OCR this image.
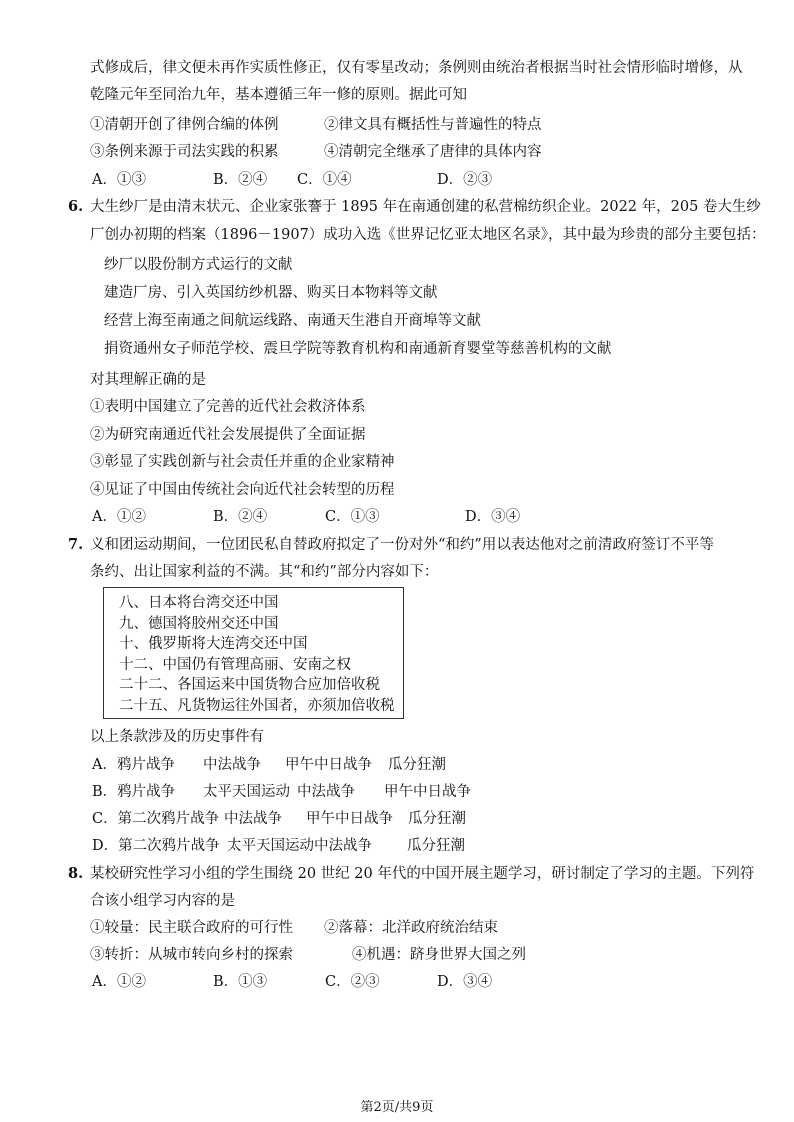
式修成后，律文便未再作实质性修正，仅有零星改动；条例则由统治者根据当时社会情形临时增修，从
乾隆元年至同治九年，基本遵循三年一修的原则。据此可知
①清朝开创了律例合编的体例	②律文具有概括性与普遍性的特点
③条例来源于司法实践的积累	④清朝完全继承了唐律的具体内容
A．①③	B．②④ C．①④	D．②③
6. 大生纱厂是由清末状元、企业家张謇于 1895 年在南通创建的私营棉纺织企业。2022 年，205 卷大生纱
厂创办初期的档案（1896－1907）成功入选《世界记忆亚太地区名录》，其中最为珍贵的部分主要包括：
纱厂以股份制方式运行的文献
建造厂房、引入英国纺纱机器、购买日本物料等文献
经营上海至南通之间航运线路、南通天生港自开商埠等文献
捐资通州女子师范学校、震旦学院等教育机构和南通新育婴堂等慈善机构的文献
对其理解正确的是
①表明中国建立了完善的近代社会救济体系
②为研究南通近代社会发展提供了全面证据
③彰显了实践创新与社会责任并重的企业家精神
④见证了中国由传统社会向近代社会转型的历程
A．①②	B．②④	C．①③	D．③④
7. 义和团运动期间，一位团民私自替政府拟定了一份对外“和约”用以表达他对之前清政府签订不平等
条约、出让国家利益的不满。其“和约”部分内容如下：
八、日本将台湾交还中国
九、德国将胶州交还中国
十、俄罗斯将大连湾交还中国
十二、中国仍有管理高丽、安南之权
二十二、各国运来中国货物合应加倍收税
二十五、凡货物运往外国者，亦须加倍收税
以上条款涉及的历史事件有
A．鸦片战争 中法战争 甲午中日战争 瓜分狂潮
B．鸦片战争 太平天国运动 中法战争 甲午中日战争
C．第二次鸦片战争 中法战争 甲午中日战争 瓜分狂潮
D．第二次鸦片战争 太平天国运动 中法战争 瓜分狂潮
8. 某校研究性学习小组的学生围绕 20 世纪 20 年代的中国开展主题学习，研讨制定了学习的主题。下列符
合该小组学习内容的是
①较量：民主联合政府的可行性 ②落幕：北洋政府统治结束
③转折：从城市转向乡村的探索	④机遇：跻身世界大国之列
A．①②	B．①③	C．②③	D．③④
第2页/共9页
